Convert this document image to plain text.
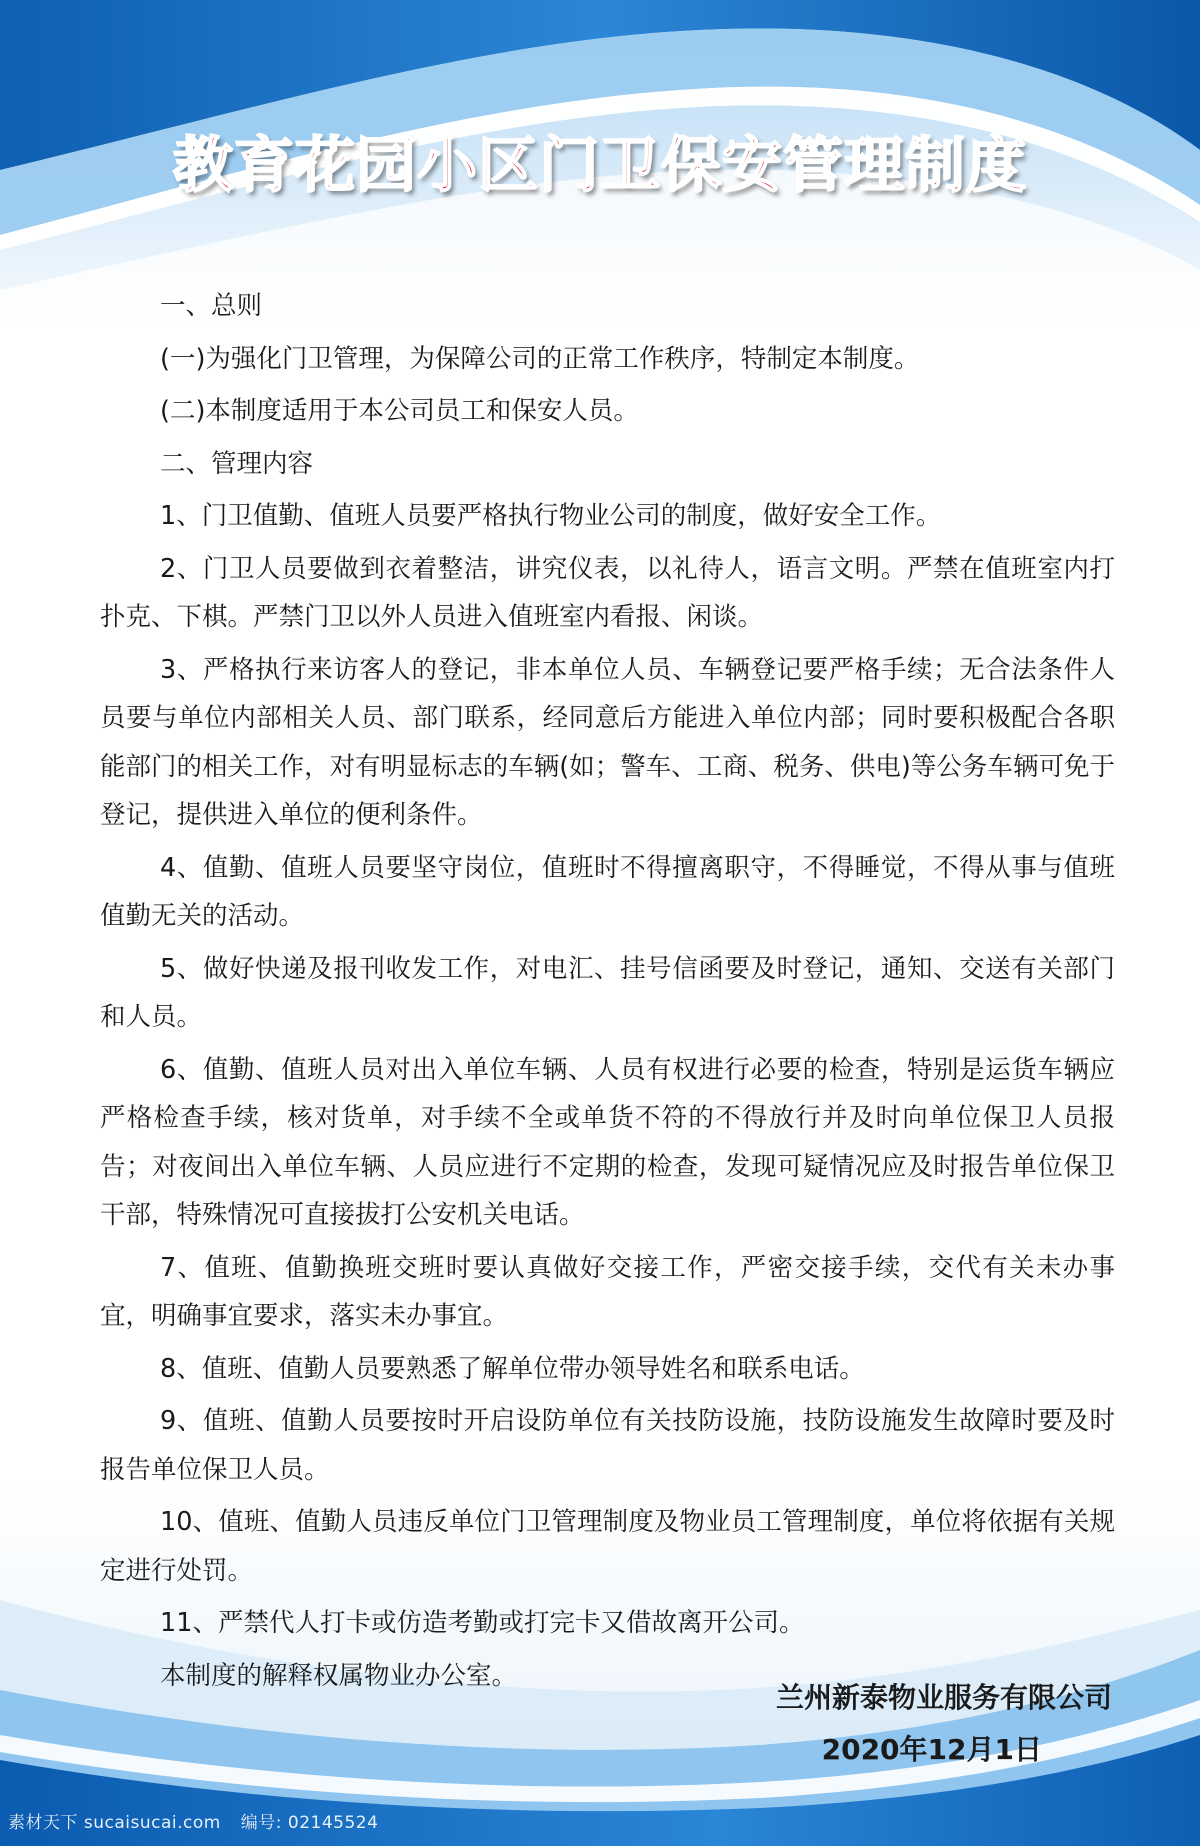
教育花园小区门卫保安管理制度

一、总则

(一)为强化门卫管理，为保障公司的正常工作秩序，特制定本制度。

(二)本制度适用于本公司员工和保安人员。

二、管理内容

1、门卫值勤、值班人员要严格执行物业公司的制度，做好安全工作。

2、门卫人员要做到衣着整洁，讲究仪表，以礼待人，语言文明。严禁在值班室内打扑克、下棋。严禁门卫以外人员进入值班室内看报、闲谈。

3、严格执行来访客人的登记，非本单位人员、车辆登记要严格手续；无合法条件人员要与单位内部相关人员、部门联系，经同意后方能进入单位内部；同时要积极配合各职能部门的相关工作，对有明显标志的车辆(如；警车、工商、税务、供电)等公务车辆可免于登记，提供进入单位的便利条件。

4、值勤、值班人员要坚守岗位，值班时不得擅离职守，不得睡觉，不得从事与值班值勤无关的活动。

5、做好快递及报刊收发工作，对电汇、挂号信函要及时登记，通知、交送有关部门和人员。

6、值勤、值班人员对出入单位车辆、人员有权进行必要的检查，特别是运货车辆应严格检查手续，核对货单，对手续不全或单货不符的不得放行并及时向单位保卫人员报告；对夜间出入单位车辆、人员应进行不定期的检查，发现可疑情况应及时报告单位保卫干部，特殊情况可直接拔打公安机关电话。

7、值班、值勤换班交班时要认真做好交接工作，严密交接手续，交代有关未办事宜，明确事宜要求，落实未办事宜。

8、值班、值勤人员要熟悉了解单位带办领导姓名和联系电话。

9、值班、值勤人员要按时开启设防单位有关技防设施，技防设施发生故障时要及时报告单位保卫人员。

10、值班、值勤人员违反单位门卫管理制度及物业员工管理制度，单位将依据有关规定进行处罚。

11、严禁代人打卡或仿造考勤或打完卡又借故离开公司。

本制度的解释权属物业办公室。

兰州新泰物业服务有限公司
2020年12月1日
素材天下 sucaisucai.com 编号: 02145524
